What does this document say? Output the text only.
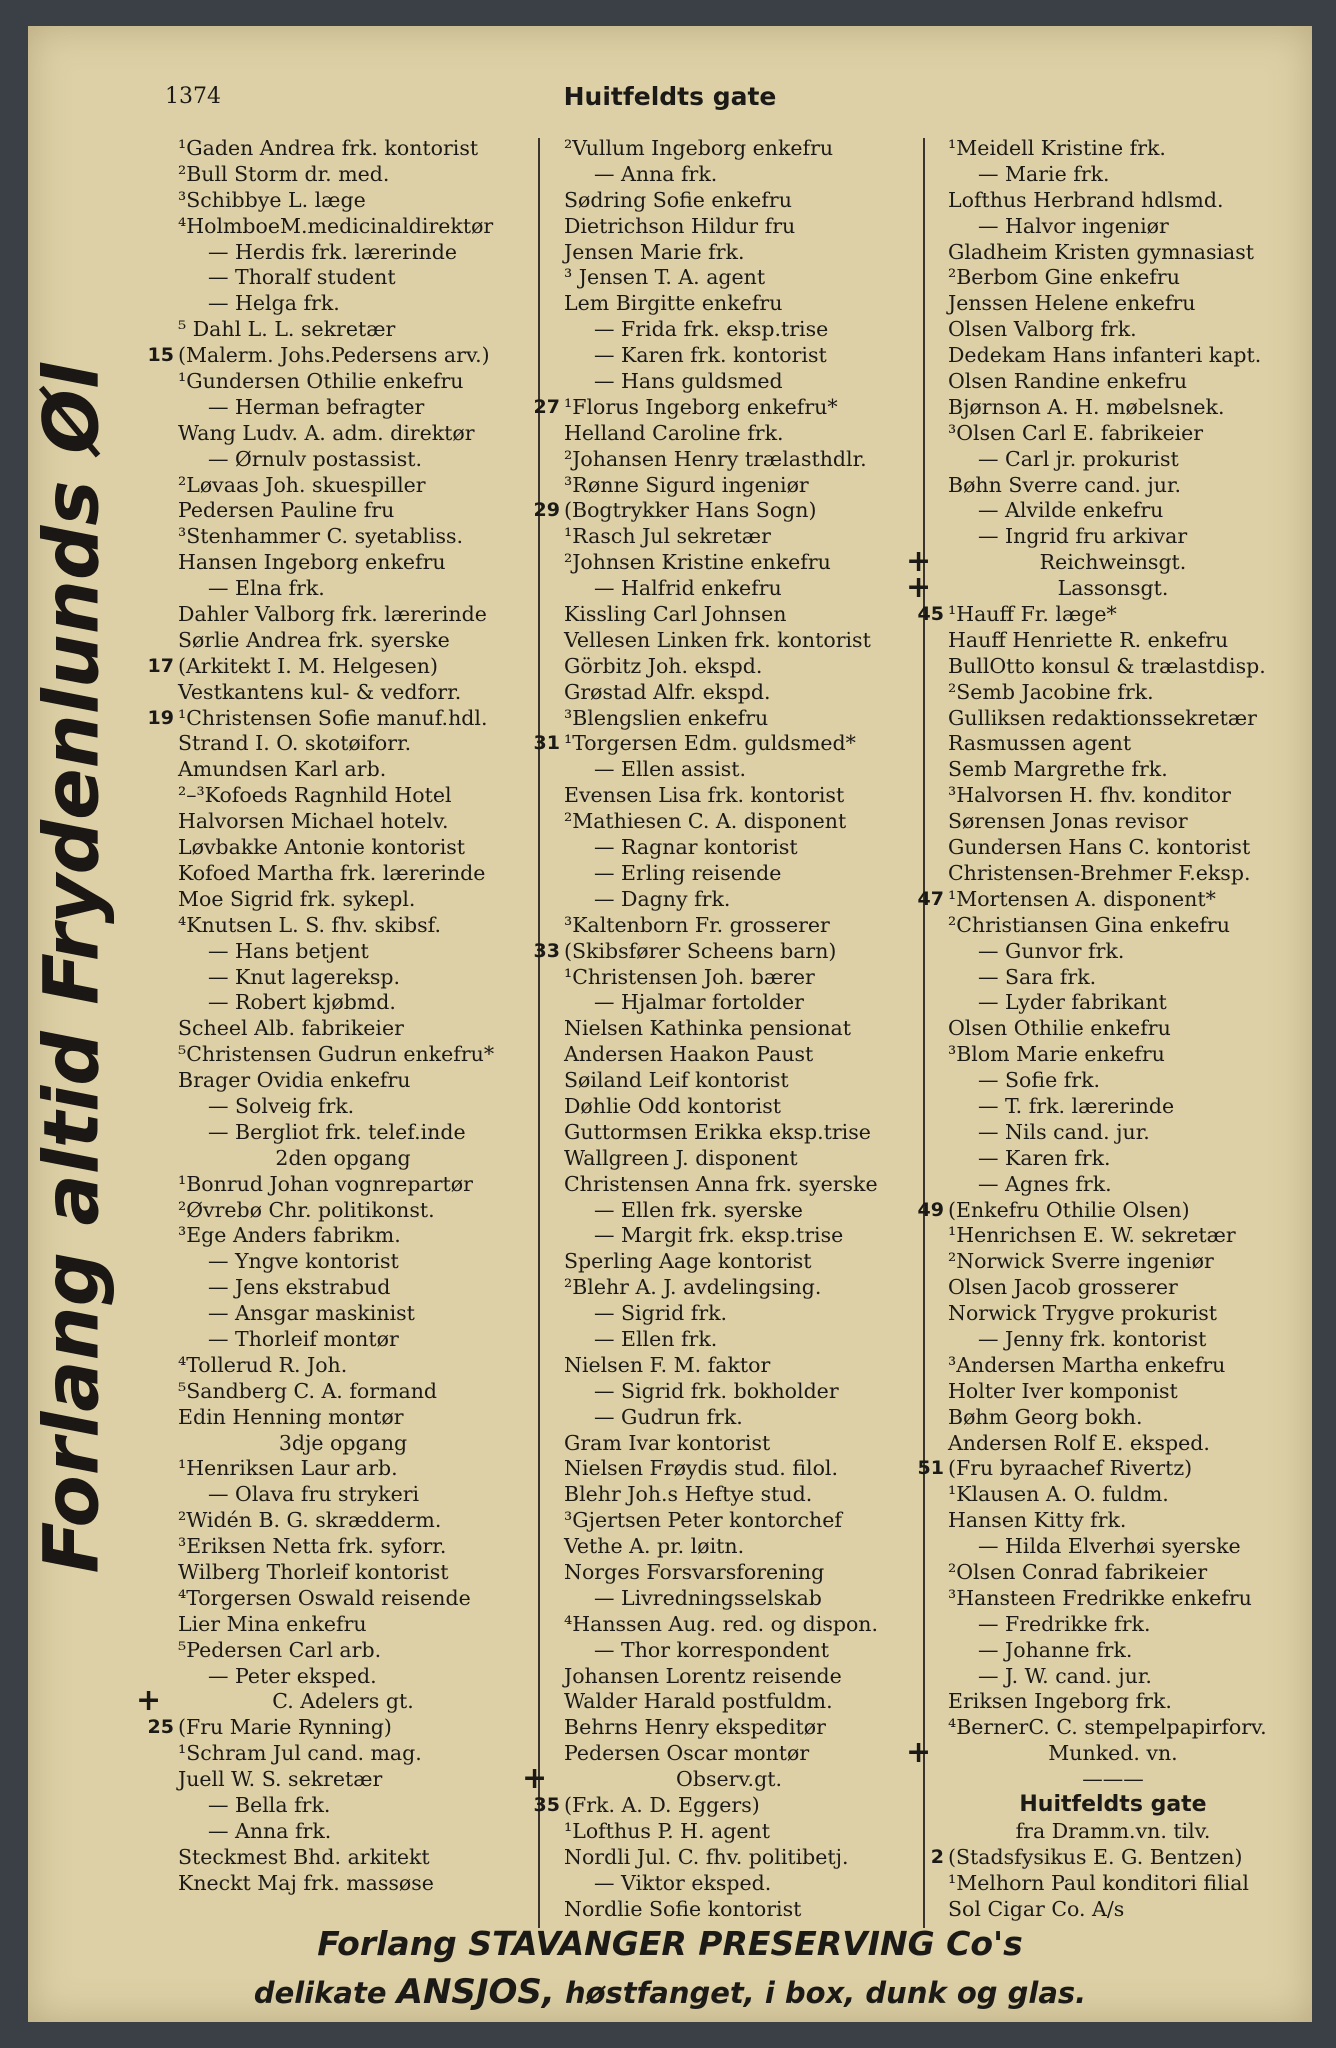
1374	Huitfeldts gate
Forlang altid Frydenlunds Øl
¹Gaden Andrea frk. kontorist
²Bull Storm dr. med.
³Schibbye L. læge
⁴HolmboeM.medicinaldirektør
— Herdis frk. lærerinde
— Thoralf student
— Helga frk.
⁵ Dahl L. L. sekretær
15 (Malerm. Johs.Pedersens arv.)
¹Gundersen Othilie enkefru
— Herman befragter
Wang Ludv. A. adm. direktør
— Ørnulv postassist.
²Løvaas Joh. skuespiller
Pedersen Pauline fru
³Stenhammer C. syetabliss.
Hansen Ingeborg enkefru
— Elna frk.
Dahler Valborg frk. lærerinde
Sørlie Andrea frk. syerske
17 (Arkitekt I. M. Helgesen)
Vestkantens kul- & vedforr.
19 ¹Christensen Sofie manuf.hdl.
Strand I. O. skotøiforr.
Amundsen Karl arb.
²–³Kofoeds Ragnhild Hotel
Halvorsen Michael hotelv.
Løvbakke Antonie kontorist
Kofoed Martha frk. lærerinde
Moe Sigrid frk. sykepl.
⁴Knutsen L. S. fhv. skibsf.
— Hans betjent
— Knut lagereksp.
— Robert kjøbmd.
Scheel Alb. fabrikeier
⁵Christensen Gudrun enkefru*
Brager Ovidia enkefru
— Solveig frk.
— Bergliot frk. telef.inde
2den opgang
¹Bonrud Johan vognrepartør
²Øvrebø Chr. politikonst.
³Ege Anders fabrikm.
— Yngve kontorist
— Jens ekstrabud
— Ansgar maskinist
— Thorleif montør
⁴Tollerud R. Joh.
⁵Sandberg C. A. formand
Edin Henning montør
3dje opgang
¹Henriksen Laur arb.
— Olava fru strykeri
²Widén B. G. skrædderm.
³Eriksen Netta frk. syforr.
Wilberg Thorleif kontorist
⁴Torgersen Oswald reisende
Lier Mina enkefru
⁵Pedersen Carl arb.
— Peter eksped.
+	C. Adelers gt.
25 (Fru Marie Rynning)
¹Schram Jul cand. mag.
Juell W. S. sekretær
— Bella frk.
— Anna frk.
Steckmest Bhd. arkitekt
Kneckt Maj frk. massøse
²Vullum Ingeborg enkefru
— Anna frk.
Sødring Sofie enkefru
Dietrichson Hildur fru
Jensen Marie frk.
³ Jensen T. A. agent
Lem Birgitte enkefru
— Frida frk. eksp.trise
— Karen frk. kontorist
— Hans guldsmed
27 ¹Florus Ingeborg enkefru*
Helland Caroline frk.
²Johansen Henry trælasthdlr.
³Rønne Sigurd ingeniør
29 (Bogtrykker Hans Sogn)
¹Rasch Jul sekretær
²Johnsen Kristine enkefru
— Halfrid enkefru
Kissling Carl Johnsen
Vellesen Linken frk. kontorist
Görbitz Joh. ekspd.
Grøstad Alfr. ekspd.
³Blengslien enkefru
31 ¹Torgersen Edm. guldsmed*
— Ellen assist.
Evensen Lisa frk. kontorist
²Mathiesen C. A. disponent
— Ragnar kontorist
— Erling reisende
— Dagny frk.
³Kaltenborn Fr. grosserer
33 (Skibsfører Scheens barn)
¹Christensen Joh. bærer
— Hjalmar fortolder
Nielsen Kathinka pensionat
Andersen Haakon Paust
Søiland Leif kontorist
Døhlie Odd kontorist
Guttormsen Erikka eksp.trise
Wallgreen J. disponent
Christensen Anna frk. syerske
— Ellen frk. syerske
— Margit frk. eksp.trise
Sperling Aage kontorist
²Blehr A. J. avdelingsing.
— Sigrid frk.
— Ellen frk.
Nielsen F. M. faktor
— Sigrid frk. bokholder
— Gudrun frk.
Gram Ivar kontorist
Nielsen Frøydis stud. filol.
Blehr Joh.s Heftye stud.
³Gjertsen Peter kontorchef
Vethe A. pr. løitn.
Norges Forsvarsforening
— Livredningsselskab
⁴Hanssen Aug. red. og dispon.
— Thor korrespondent
Johansen Lorentz reisende
Walder Harald postfuldm.
Behrns Henry ekspeditør
Pedersen Oscar montør
+	Observ.gt.
35 (Frk. A. D. Eggers)
¹Lofthus P. H. agent
Nordli Jul. C. fhv. politibetj.
— Viktor eksped.
Nordlie Sofie kontorist
¹Meidell Kristine frk.
— Marie frk.
Lofthus Herbrand hdlsmd.
— Halvor ingeniør
Gladheim Kristen gymnasiast
²Berbom Gine enkefru
Jenssen Helene enkefru
Olsen Valborg frk.
Dedekam Hans infanteri kapt.
Olsen Randine enkefru
Bjørnson A. H. møbelsnek.
³Olsen Carl E. fabrikeier
— Carl jr. prokurist
Bøhn Sverre cand. jur.
— Alvilde enkefru
— Ingrid fru arkivar
+	Reichweinsgt.
+	Lassonsgt.
45 ¹Hauff Fr. læge*
Hauff Henriette R. enkefru
BullOtto konsul & trælastdisp.
²Semb Jacobine frk.
Gulliksen redaktionssekretær
Rasmussen agent
Semb Margrethe frk.
³Halvorsen H. fhv. konditor
Sørensen Jonas revisor
Gundersen Hans C. kontorist
Christensen-Brehmer F.eksp.
47 ¹Mortensen A. disponent*
²Christiansen Gina enkefru
— Gunvor frk.
— Sara frk.
— Lyder fabrikant
Olsen Othilie enkefru
³Blom Marie enkefru
— Sofie frk.
— T. frk. lærerinde
— Nils cand. jur.
— Karen frk.
— Agnes frk.
49 (Enkefru Othilie Olsen)
¹Henrichsen E. W. sekretær
²Norwick Sverre ingeniør
Olsen Jacob grosserer
Norwick Trygve prokurist
— Jenny frk. kontorist
³Andersen Martha enkefru
Holter Iver komponist
Bøhm Georg bokh.
Andersen Rolf E. eksped.
51 (Fru byraachef Rivertz)
¹Klausen A. O. fuldm.
Hansen Kitty frk.
— Hilda Elverhøi syerske
²Olsen Conrad fabrikeier
³Hansteen Fredrikke enkefru
— Fredrikke frk.
— Johanne frk.
— J. W. cand. jur.
Eriksen Ingeborg frk.
⁴BernerC. C. stempelpapirforv.
+	Munked. vn.
———
Huitfeldts gate
fra Dramm.vn. tilv.
2 (Stadsfysikus E. G. Bentzen)
¹Melhorn Paul konditori filial
Sol Cigar Co. A/s
Forlang STAVANGER PRESERVING Co's
delikate ANSJOS, høstfanget, i box, dunk og glas.
